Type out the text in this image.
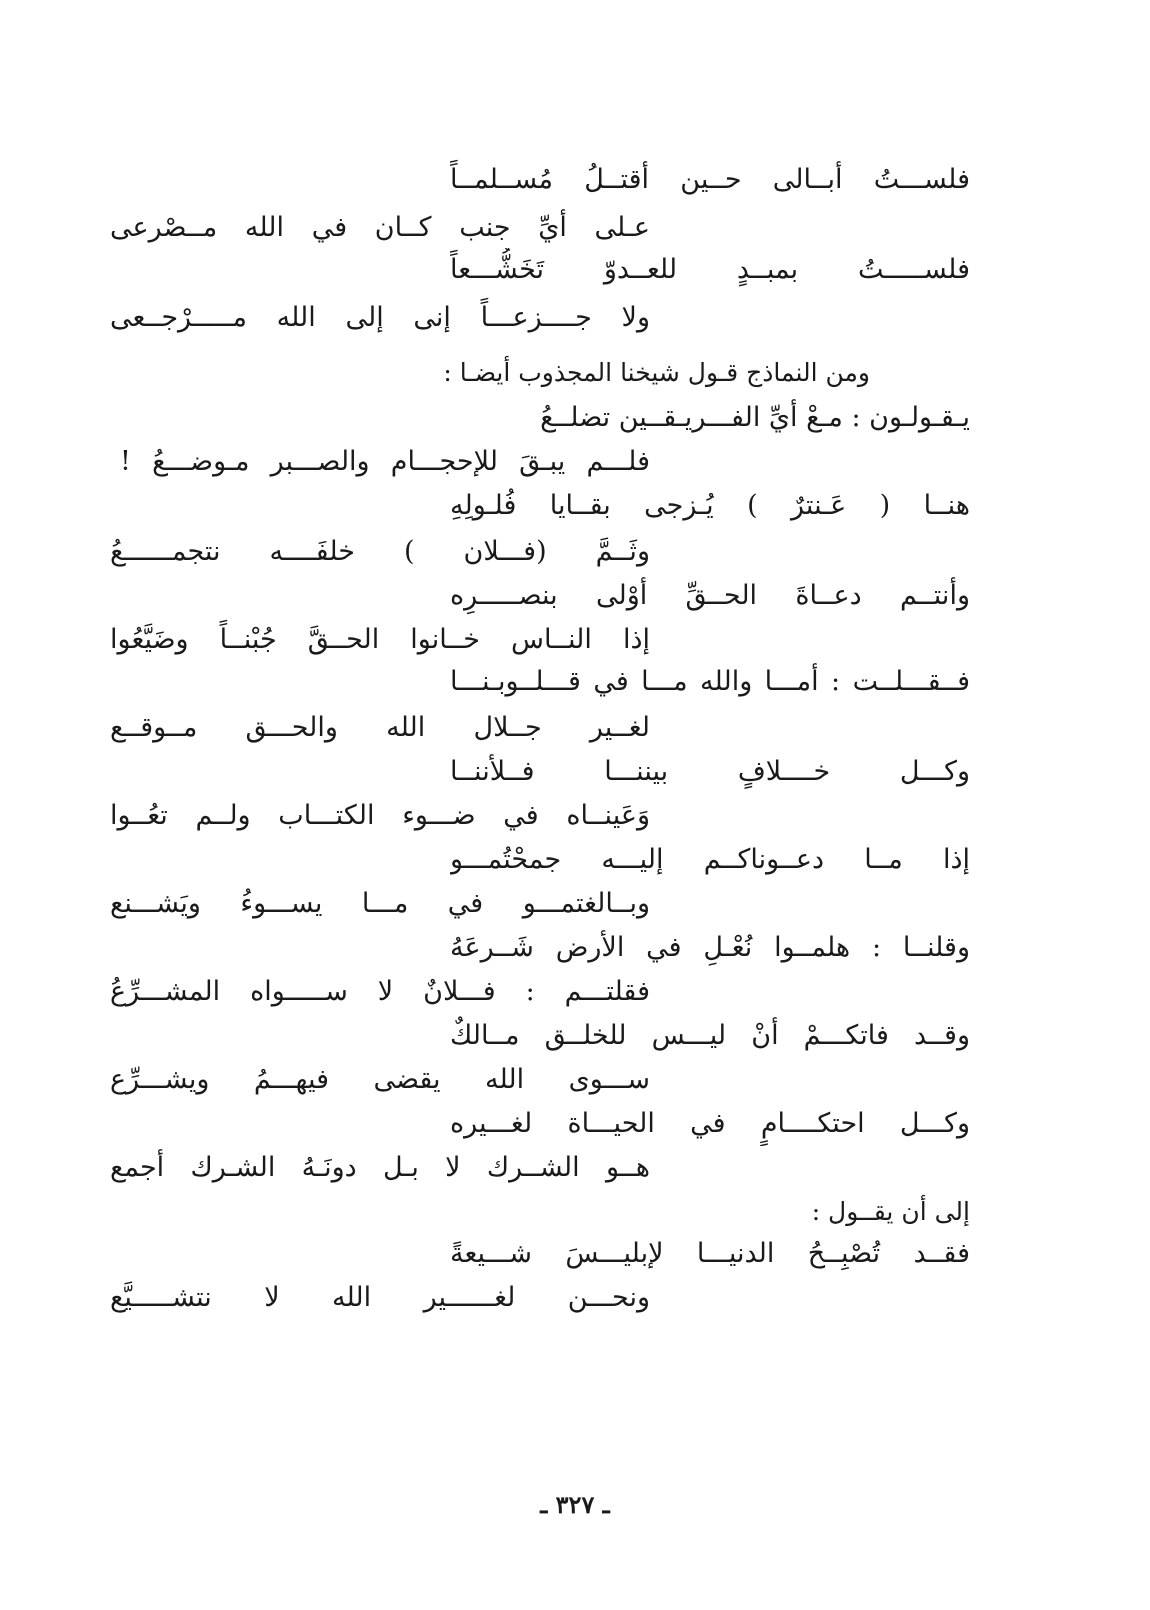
فلســـتُ أبــالى حــين أقتــلُ مُســلمــاً
عـلى أيِّ جنب كــان في الله مــصْرعى
فلســـــتُ بمبــدٍ للعــدوّ تَخَشُّـــعاً
ولا جــــزعـــاً إنى إلى الله مـــــرْجــعى
ومن النماذج قـول شيخنا المجذوب أيضـا :
يـقـولـون : مـعْ أيِّ الفـــريـقــين تضلــعُ
فلـــم يبـقَ للإحجـــام والصـــبر مـوضـــعُ !
هنــا ( عَـنترٌ ) يُـزجى بقــايا فُلـولِهِ
وثَــمَّ (فـــلان ) خلفَــــه نتجمــــــعُ
وأنتــم دعــاةَ الحــقِّ أوْلى بنصـــــرِه
إذا النــاس خــانوا الحــقَّ جُبْنــاً وضَيَّعُوا
فــقـــلــت : أمـــا والله مـــا في قـــلــوبـنـــا
لغــير جــلال الله والحـــق مــوقــع
وكـــل خــــلافٍ بيننـــا فــلأننــا
وَعَينــاه في ضـــوء الكتـــاب ولــم تعُــوا
إذا مــا دعــوناكــم إليـــه جمحْتُمـــو
وبــالغتمـــو في مـــا يســـوءُ ويَشـــنع
وقلنــا : هلمــوا نُعْـلِ في الأرض شَــرعَهُ
فقلتـــم : فـــلانٌ لا ســـــواه المشـــرِّعُ
وقــد فاتكـــمْ أنْ ليـــس للخلــق مــالكٌ
ســـوى الله يقضى فيهـــمُ ويشـــرِّع
وكـــل احتكــــامٍ في الحيـــاة لغـــيره
هــو الشــرك لا بـل دونَـهُ الشـرك أجمع
إلى أن يقــول :
فقــد تُصْبِــحُ الدنيـــا لإبليـــسَ شـــيعةً
ونحـــن لغــــــير الله لا نتشـــــيَّع
ـ ٣٢٧ ـ
